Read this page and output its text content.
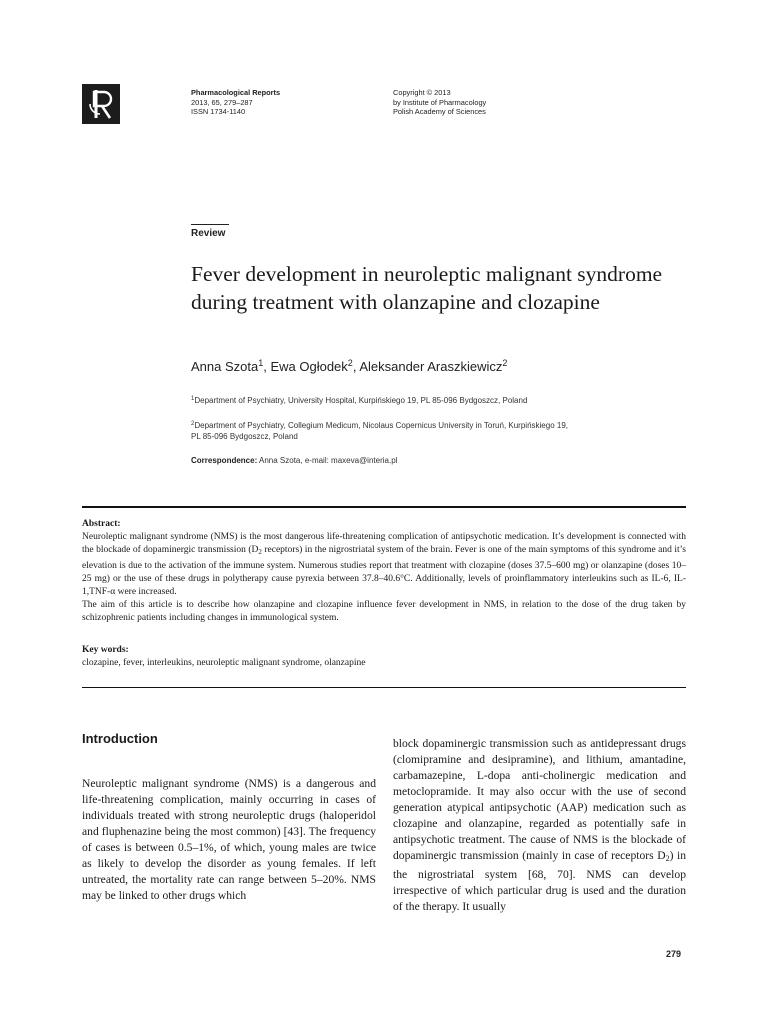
Pharmacological Reports
2013, 65, 279–287
ISSN 1734-1140
Copyright © 2013
by Institute of Pharmacology
Polish Academy of Sciences
Review
Fever development in neuroleptic malignant syndrome during treatment with olanzapine and clozapine
Anna Szota$^1$, Ewa Ogłodek$^2$, Aleksander Araszkiewicz$^2$
$^1$Department of Psychiatry, University Hospital, Kurpińskiego 19, PL 85-096 Bydgoszcz, Poland
$^2$Department of Psychiatry, Collegium Medicum, Nicolaus Copernicus University in Toruń, Kurpińskiego 19,
PL 85-096 Bydgoszcz, Poland
Correspondence: Anna Szota, e-mail: maxeva@interia.pl
Abstract:
Neuroleptic malignant syndrome (NMS) is the most dangerous life-threatening complication of antipsychotic medication. It’s development is connected with the blockade of dopaminergic transmission ($D_2$ receptors) in the nigrostriatal system of the brain. Fever is one of the main symptoms of this syndrome and it’s elevation is due to the activation of the immune system. Numerous studies report that treatment with clozapine (doses 37.5–600 mg) or olanzapine (doses 10–25 mg) or the use of these drugs in polytherapy cause pyrexia between 37.8–40.6°C. Additionally, levels of proinflammatory interleukins such as IL-6, IL-1,TNF-α were increased.
The aim of this article is to describe how olanzapine and clozapine influence fever development in NMS, in relation to the dose of the drug taken by schizophrenic patients including changes in immunological system.
Key words:
clozapine, fever, interleukins, neuroleptic malignant syndrome, olanzapine
Introduction
Neuroleptic malignant syndrome (NMS) is a dangerous and life-threatening complication, mainly occurring in cases of individuals treated with strong neuroleptic drugs (haloperidol and fluphenazine being the most common) [43]. The frequency of cases is between 0.5–1%, of which, young males are twice as likely to develop the disorder as young females. If left untreated, the mortality rate can range between 5–20%. NMS may be linked to other drugs which
block dopaminergic transmission such as antidepressant drugs (clomipramine and desipramine), and lithium, amantadine, carbamazepine, L-dopa anti-cholinergic medication and metoclopramide. It may also occur with the use of second generation atypical antipsychotic (AAP) medication such as clozapine and olanzapine, regarded as potentially safe in antipsychotic treatment. The cause of NMS is the blockade of dopaminergic transmission (mainly in case of receptors $D_2$) in the nigrostriatal system [68, 70]. NMS can develop irrespective of which particular drug is used and the duration of the therapy. It usually
279
